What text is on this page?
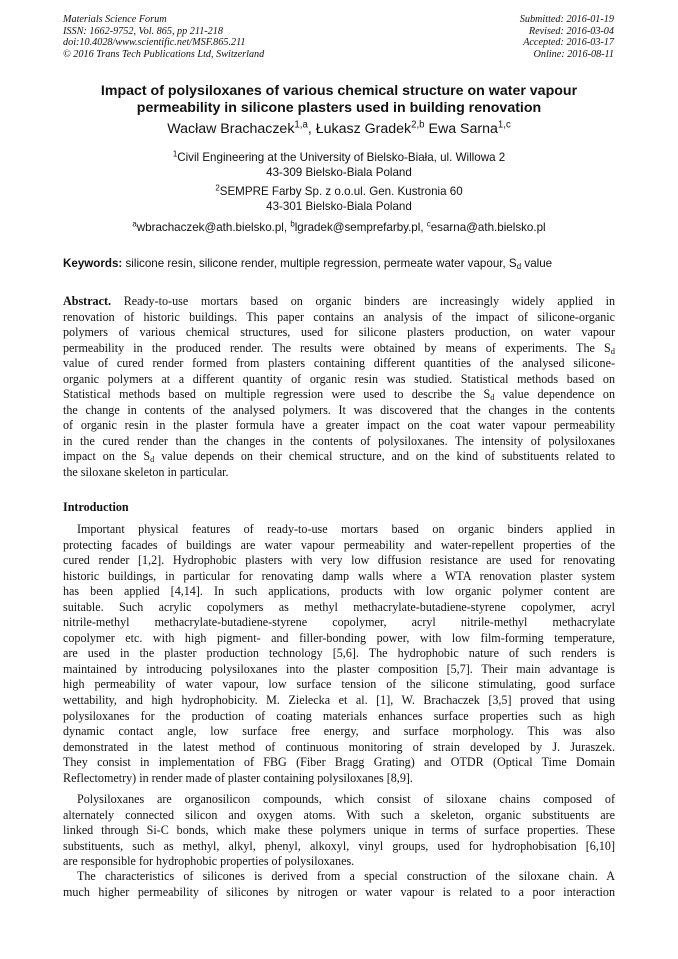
Materials Science Forum
ISSN: 1662-9752, Vol. 865, pp 211-218
doi:10.4028/www.scientific.net/MSF.865.211
© 2016 Trans Tech Publications Ltd, Switzerland
Submitted: 2016-01-19
Revised: 2016-03-04
Accepted: 2016-03-17
Online: 2016-08-11
Impact of polysiloxanes of various chemical structure on water vapour
permeability in silicone plasters used in building renovation
Wacław Brachaczek$^{1,a}$, Łukasz Gradek$^{2,b}$ Ewa Sarna$^{1,c}$
$^1$Civil Engineering at the University of Bielsko-Biała, ul. Willowa 2
43-309 Bielsko-Biala Poland
$^2$SEMPRE Farby Sp. z o.o.ul. Gen. Kustronia 60
43-301 Bielsko-Biala Poland
$^a$wbrachaczek@ath.bielsko.pl, $^b$lgradek@semprefarby.pl, $^c$esarna@ath.bielsko.pl
Keywords: silicone resin, silicone render, multiple regression, permeate water vapour, $S_d$ value
Abstract. Ready-to-use mortars based on organic binders are increasingly widely applied in
renovation of historic buildings. This paper contains an analysis of the impact of silicone-organic
polymers of various chemical structures, used for silicone plasters production, on water vapour
permeability in the produced render. The results were obtained by means of experiments. The $S_d$
value of cured render formed from plasters containing different quantities of the analysed silicone-
organic polymers at a different quantity of organic resin was studied. Statistical methods based on
Statistical methods based on multiple regression were used to describe the $S_d$ value dependence on
the change in contents of the analysed polymers. It was discovered that the changes in the contents
of organic resin in the plaster formula have a greater impact on the coat water vapour permeability
in the cured render than the changes in the contents of polysiloxanes. The intensity of polysiloxanes
impact on the $S_d$ value depends on their chemical structure, and on the kind of substituents related to
the siloxane skeleton in particular.
Introduction
Important physical features of ready-to-use mortars based on organic binders applied in
protecting facades of buildings are water vapour permeability and water-repellent properties of the
cured render [1,2]. Hydrophobic plasters with very low diffusion resistance are used for renovating
historic buildings, in particular for renovating damp walls where a WTA renovation plaster system
has been applied [4,14]. In such applications, products with low organic polymer content are
suitable. Such acrylic copolymers as methyl methacrylate-butadiene-styrene copolymer, acryl
nitrile-methyl methacrylate-butadiene-styrene copolymer, acryl nitrile-methyl methacrylate
copolymer etc. with high pigment- and filler-bonding power, with low film-forming temperature,
are used in the plaster production technology [5,6]. The hydrophobic nature of such renders is
maintained by introducing polysiloxanes into the plaster composition [5,7]. Their main advantage is
high permeability of water vapour, low surface tension of the silicone stimulating, good surface
wettability, and high hydrophobicity. M. Zielecka et al. [1], W. Brachaczek [3,5] proved that using
polysiloxanes for the production of coating materials enhances surface properties such as high
dynamic contact angle, low surface free energy, and surface morphology. This was also
demonstrated in the latest method of continuous monitoring of strain developed by J. Juraszek.
They consist in implementation of FBG (Fiber Bragg Grating) and OTDR (Optical Time Domain
Reflectometry) in render made of plaster containing polysiloxanes [8,9].
Polysiloxanes are organosilicon compounds, which consist of siloxane chains composed of
alternately connected silicon and oxygen atoms. With such a skeleton, organic substituents are
linked through Si-C bonds, which make these polymers unique in terms of surface properties. These
substituents, such as methyl, alkyl, phenyl, alkoxyl, vinyl groups, used for hydrophobisation [6,10]
are responsible for hydrophobic properties of polysiloxanes.
The characteristics of silicones is derived from a special construction of the siloxane chain. A
much higher permeability of silicones by nitrogen or water vapour is related to a poor interaction
